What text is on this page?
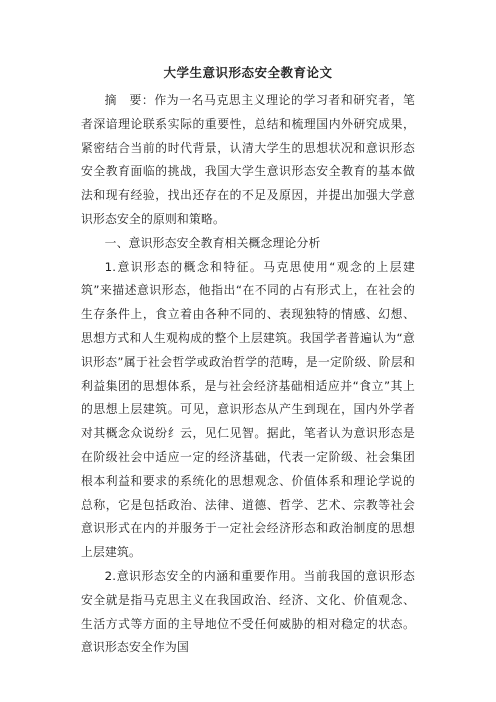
大学生意识形态安全教育论文

摘　要：作为一名马克思主义理论的学习者和研究者，笔者深谙理论联系实际的重要性，总结和梳理国内外研究成果，紧密结合当前的时代背景，认清大学生的思想状况和意识形态安全教育面临的挑战，我国大学生意识形态安全教育的基本做法和现有经验，找出还存在的不足及原因，并提出加强大学意识形态安全的原则和策略。

一、意识形态安全教育相关概念理论分析

1.意识形态的概念和特征。马克思使用“观念的上层建筑”来描述意识形态，他指出“在不同的占有形式上，在社会的生存条件上，食立着由各种不同的、表现独特的情感、幻想、思想方式和人生观构成的整个上层建筑。我国学者普遍认为“意识形态”属于社会哲学或政治哲学的范畴，是一定阶级、阶层和利益集团的思想体系，是与社会经济基础相适应并“食立”其上的思想上层建筑。可见，意识形态从产生到现在，国内外学者对其概念众说纷纟云，见仁见智。据此，笔者认为意识形态是在阶级社会中适应一定的经济基础，代表一定阶级、社会集团根本利益和要求的系统化的思想观念、价值体系和理论学说的总称，它是包括政治、法律、道德、哲学、艺术、宗教等社会意识形式在内的并服务于一定社会经济形态和政治制度的思想上层建筑。

2.意识形态安全的内涵和重要作用。当前我国的意识形态安全就是指马克思主义在我国政治、经济、文化、价值观念、生活方式等方面的主导地位不受任何威胁的相对稳定的状态。意识形态安全作为国
